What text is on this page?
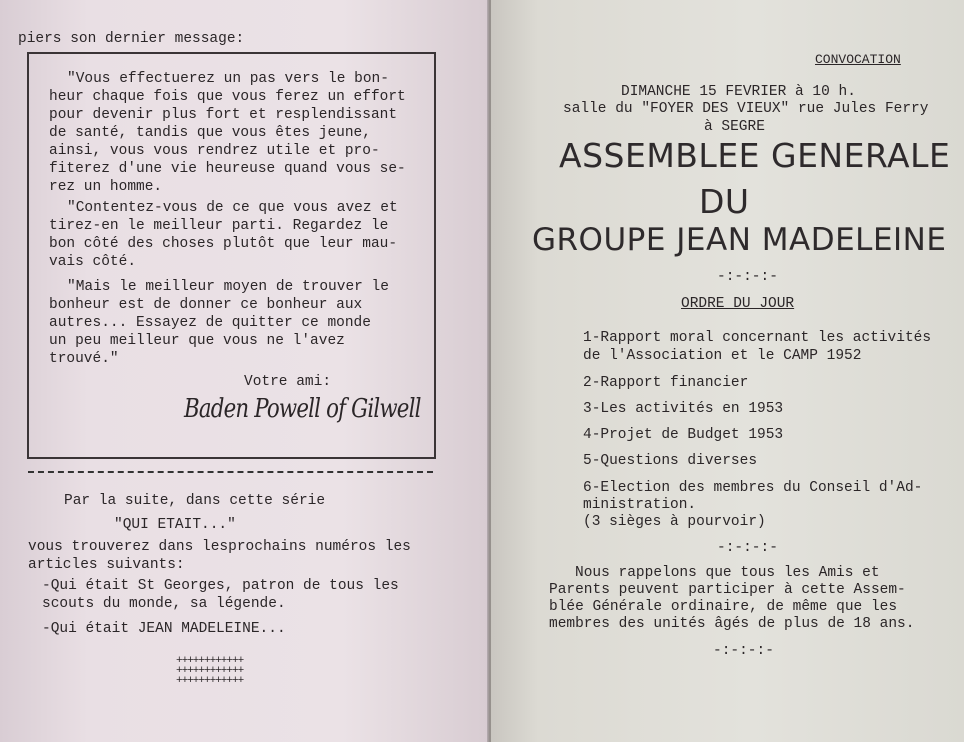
piers son dernier message:
"Vous effectuerez un pas vers le bon-
heur chaque fois que vous ferez un effort
pour devenir plus fort et resplendissant
de santé, tandis que vous êtes jeune,
ainsi, vous vous rendrez utile et pro-
fiterez d'une vie heureuse quand vous se-
rez un homme.
"Contentez-vous de ce que vous avez et
tirez-en le meilleur parti. Regardez le
bon côté des choses plutôt que leur mau-
vais côté.
"Mais le meilleur moyen de trouver le
bonheur est de donner ce bonheur aux
autres... Essayez de quitter ce monde
un peu meilleur que vous ne l'avez
trouvé."
Votre ami:
Baden Powell of Gilwell
Par la suite, dans cette série
"QUI ETAIT..."
vous trouverez dans lesprochains numéros les
articles suivants:
-Qui était St Georges, patron de tous les
scouts du monde, sa légende.
-Qui était JEAN MADELEINE...
++++++++++++
++++++++++++
++++++++++++
CONVOCATION
DIMANCHE 15 FEVRIER à 10 h.
salle du "FOYER DES VIEUX" rue Jules Ferry
à SEGRE
ASSEMBLEE GENERALE
DU
GROUPE JEAN MADELEINE
-:-:-:-
ORDRE DU JOUR
1-Rapport moral concernant les activités
de l'Association et le CAMP 1952
2-Rapport financier
3-Les activités en 1953
4-Projet de Budget 1953
5-Questions diverses
6-Election des membres du Conseil d'Ad-
ministration.
(3 sièges à pourvoir)
-:-:-:-
Nous rappelons que tous les Amis et
Parents peuvent participer à cette Assem-
blée Générale ordinaire, de même que les
membres des unités âgés de plus de 18 ans.
-:-:-:-
